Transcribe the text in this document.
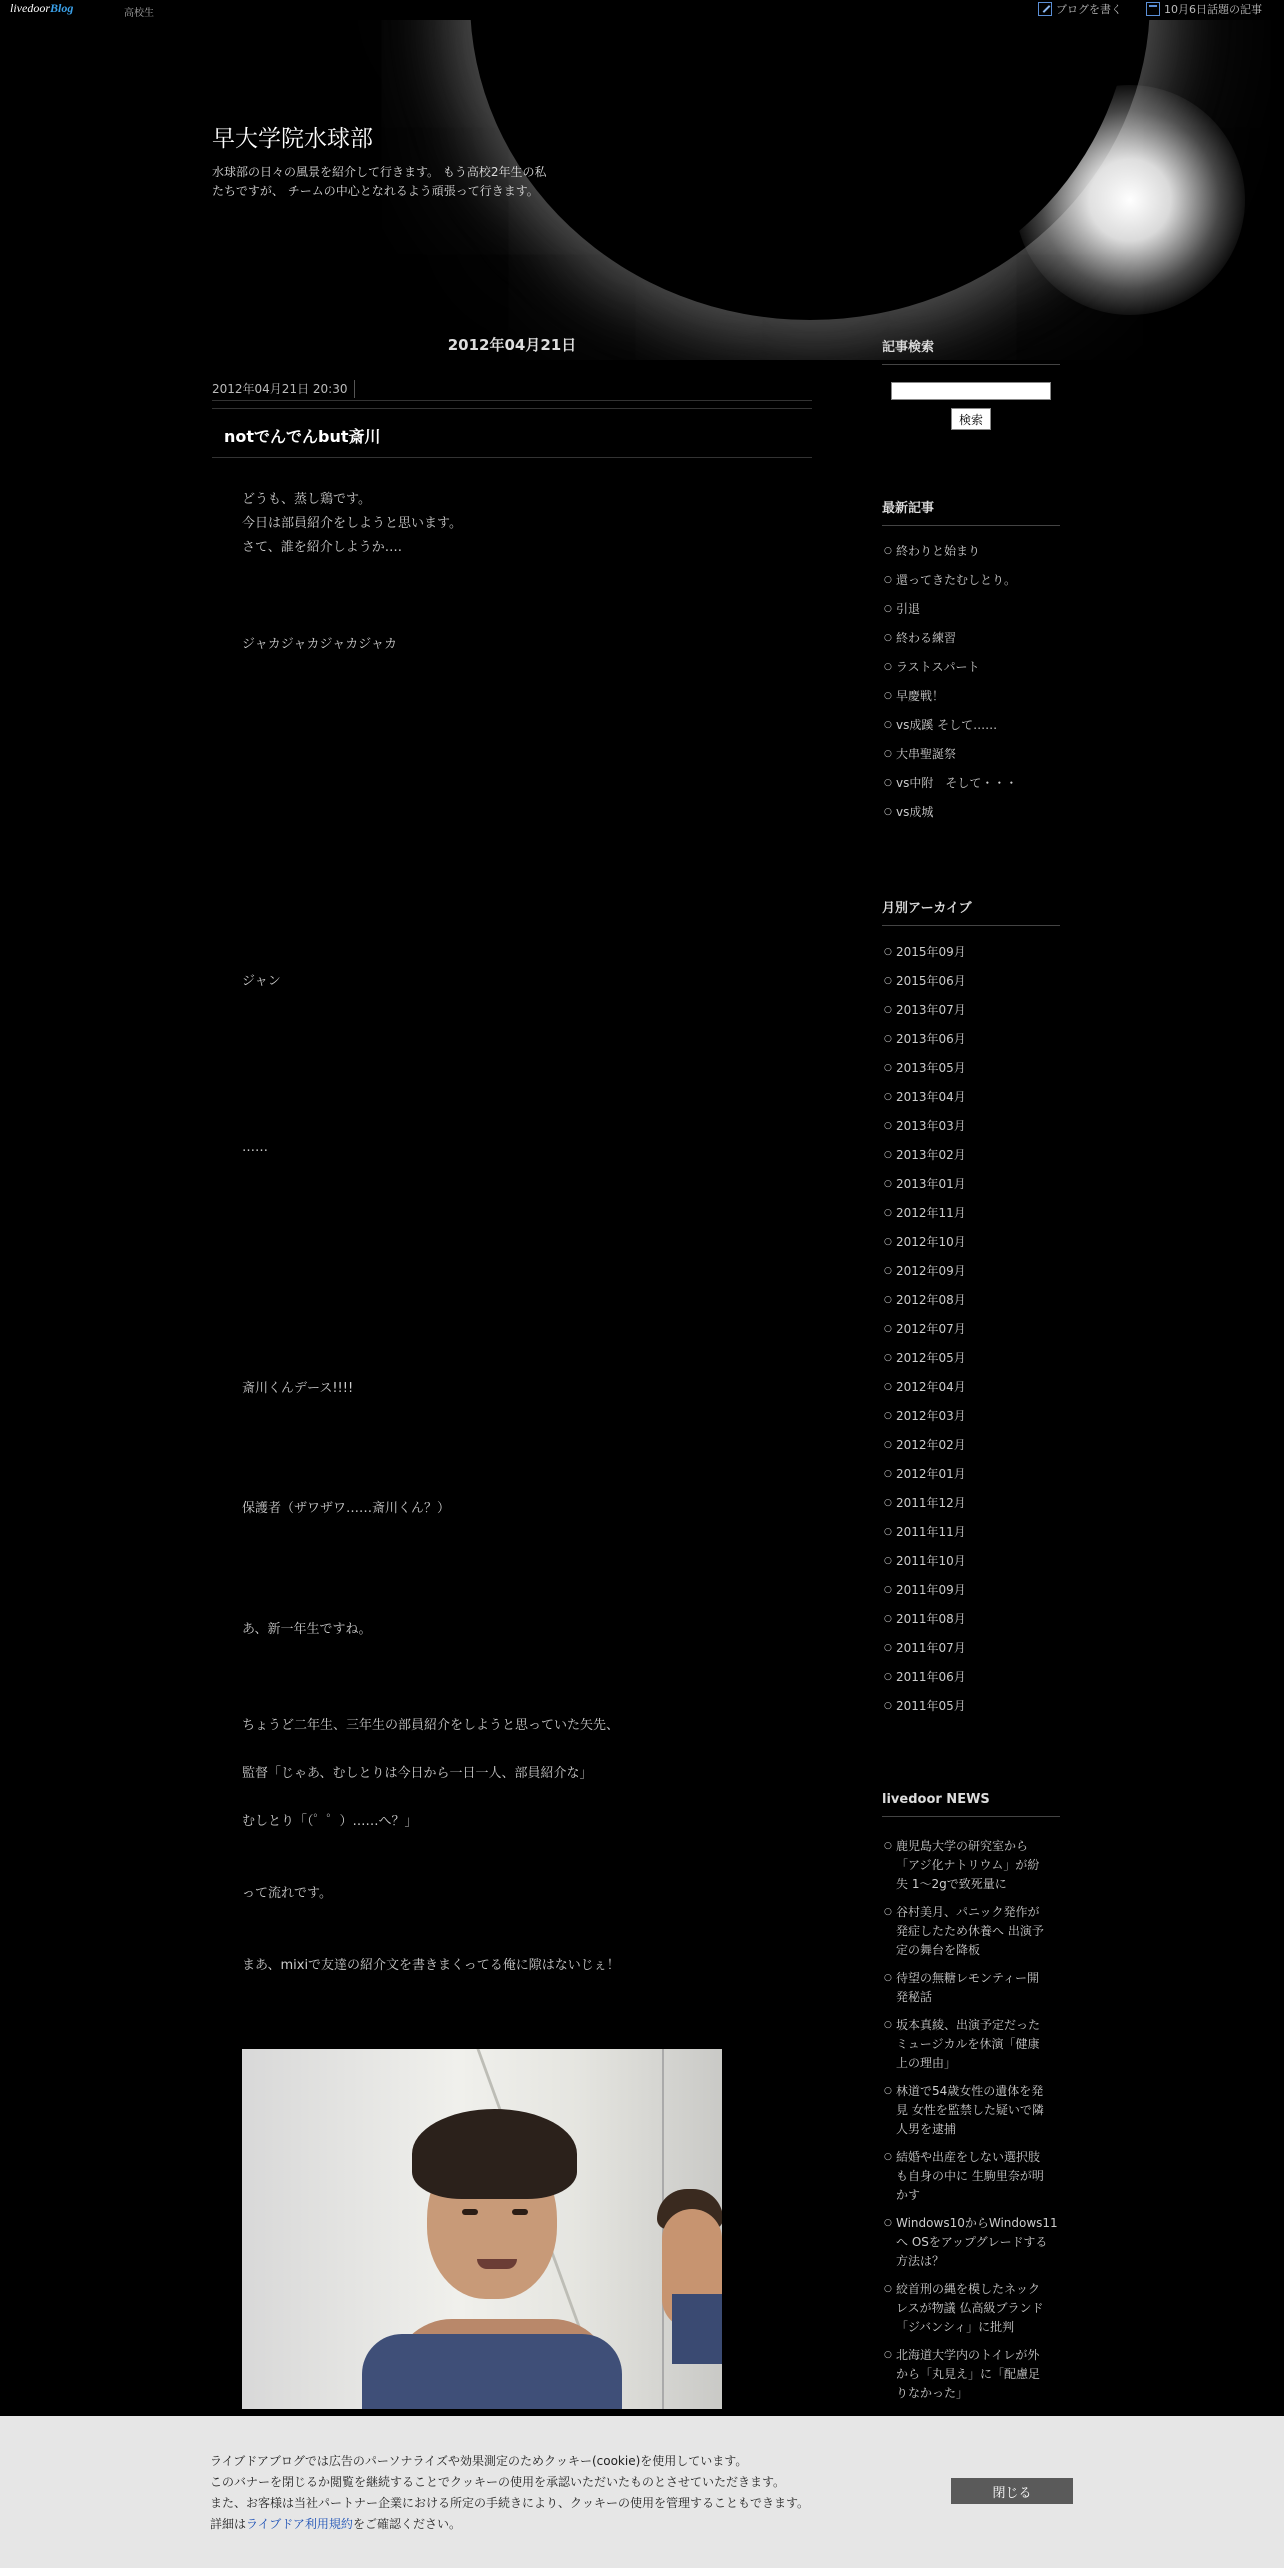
livedoorBlog	高校生	ブログを書く	10月6日話題の記事
早大学院水球部
水球部の日々の風景を紹介して行きます。 もう高校2年生の私たちですが、 チームの中心となれるよう頑張って行きます。
2012年04月21日
2012年04月21日 20:30
notでんでんbut斎川
どうも、蒸し鶏です。
今日は部員紹介をしようと思います。
さて、誰を紹介しようか‥‥
ジャカジャカジャカジャカ
ジャン
……
斎川くんデース!!!!
保護者（ザワザワ‥‥‥斎川くん？）
あ、新一年生ですね。
ちょうど二年生、三年生の部員紹介をしようと思っていた矢先、
監督「じゃあ、むしとりは今日から一日一人、部員紹介な」
むしとり「（゜゜）‥‥‥へ？」
って流れです。
まあ、mixiで友達の紹介文を書きまくってる俺に隙はないじぇ！
記事検索
検索
最新記事
○ 終わりと始まり
○ 還ってきたむしとり。
○ 引退
○ 終わる練習
○ ラストスパート
○ 早慶戦！
○ vs成蹊 そして……
○ 大串聖誕祭
○ vs中附　そして・・・
○ vs成城
月別アーカイブ
○ 2015年09月
○ 2015年06月
○ 2013年07月
○ 2013年06月
○ 2013年05月
○ 2013年04月
○ 2013年03月
○ 2013年02月
○ 2013年01月
○ 2012年11月
○ 2012年10月
○ 2012年09月
○ 2012年08月
○ 2012年07月
○ 2012年05月
○ 2012年04月
○ 2012年03月
○ 2012年02月
○ 2012年01月
○ 2011年12月
○ 2011年11月
○ 2011年10月
○ 2011年09月
○ 2011年08月
○ 2011年07月
○ 2011年06月
○ 2011年05月
livedoor NEWS
○ 鹿児島大学の研究室から
「アジ化ナトリウム」が紛
失 1～2gで致死量に
○ 谷村美月、パニック発作が
発症したため休養へ 出演予
定の舞台を降板
○ 待望の無糖レモンティー開
発秘話
○ 坂本真綾、出演予定だった
ミュージカルを休演「健康
上の理由」
○ 林道で54歳女性の遺体を発
見 女性を監禁した疑いで隣
人男を逮捕
○ 結婚や出産をしない選択肢
も自身の中に 生駒里奈が明
かす
○ Windows10からWindows11
へ OSをアップグレードする
方法は？
○ 絞首刑の縄を模したネック
レスが物議 仏高級ブランド
「ジバンシィ」に批判
○ 北海道大学内のトイレが外
から「丸見え」に「配慮足
りなかった」
ライブドアブログでは広告のパーソナライズや効果測定のためクッキー(cookie)を使用しています。
このバナーを閉じるか閲覧を継続することでクッキーの使用を承認いただいたものとさせていただきます。
また、お客様は当社パートナー企業における所定の手続きにより、クッキーの使用を管理することもできます。
詳細はライブドア利用規約をご確認ください。
閉じる
